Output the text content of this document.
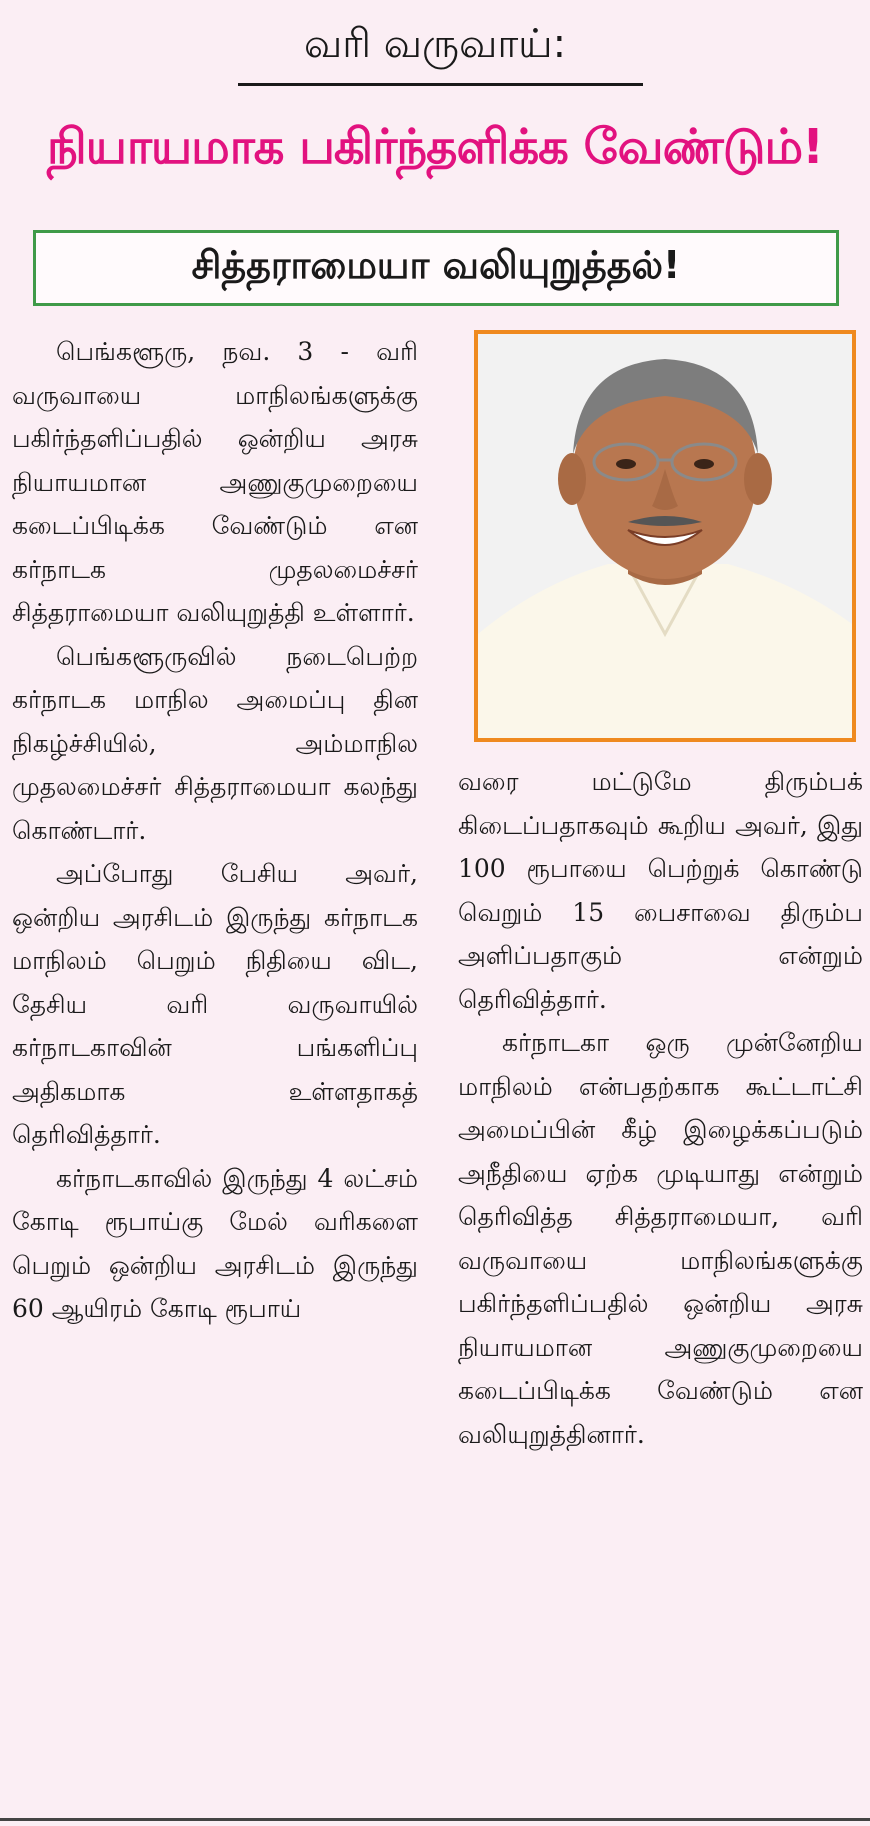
வரி வருவாய்:
நியாயமாக பகிர்ந்தளிக்க வேண்டும்!
சித்தராமையா வலியுறுத்தல்!

பெங்களூரு, நவ. 3 - வரி வருவாயை மாநிலங்களுக்கு பகிர்ந்தளிப்பதில் ஒன்றிய அரசு நியாயமான அணுகுமுறையை கடைப்பிடிக்க வேண்டும் என கர்நாடக முதலமைச்சர் சித்தராமையா வலியுறுத்தி உள்ளார்.

பெங்களூருவில் நடைபெற்ற கர்நாடக மாநில அமைப்பு தின நிகழ்ச்சியில், அம்மாநில முதலமைச்சர் சித்தராமையா கலந்து கொண்டார்.

அப்போது பேசிய அவர், ஒன்றிய அரசிடம் இருந்து கர்நாடக மாநிலம் பெறும் நிதியை விட, தேசிய வரி வருவாயில் கர்நாடகாவின் பங்களிப்பு அதிகமாக உள்ளதாகத் தெரிவித்தார்.

கர்நாடகாவில் இருந்து 4 லட்சம் கோடி ரூபாய்கு மேல் வரிகளை பெறும் ஒன்றிய அரசிடம் இருந்து 60 ஆயிரம் கோடி ரூபாய்

வரை மட்டுமே திரும்பக் கிடைப்பதாகவும் கூறிய அவர், இது 100 ரூபாயை பெற்றுக் கொண்டு வெறும் 15 பைசாவை திரும்ப அளிப்பதாகும் என்றும் தெரிவித்தார்.

கர்நாடகா ஒரு முன்னேறிய மாநிலம் என்பதற்காக கூட்டாட்சி அமைப்பின் கீழ் இழைக்கப்படும் அநீதியை ஏற்க முடியாது என்றும் தெரிவித்த சித்தராமையா, வரி வருவாயை மாநிலங்களுக்கு பகிர்ந்தளிப்பதில் ஒன்றிய அரசு நியாயமான அணுகுமுறையை கடைப்பிடிக்க வேண்டும் என வலியுறுத்தினார்.
